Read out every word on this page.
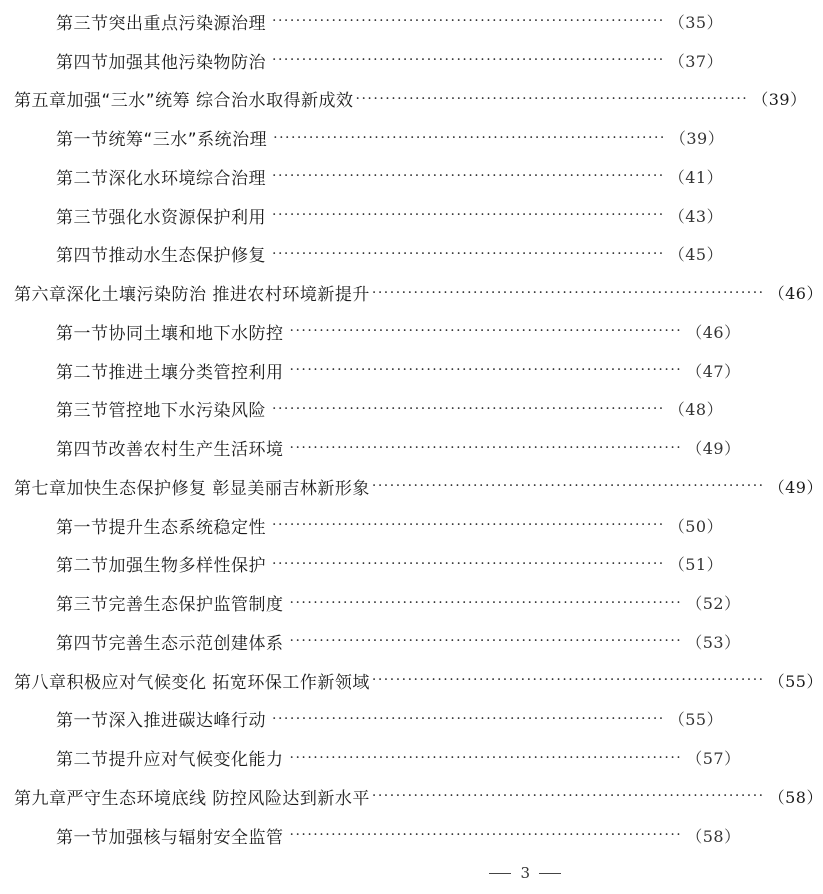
第三节 突出重点污染源治理 ·································································· （35）
第四节 加强其他污染物防治 ·································································· （37）
第五章 加强“三水”统筹 综合治水取得新成效 ·································································· （39）
第一节 统筹“三水”系统治理 ·································································· （39）
第二节 深化水环境综合治理 ·································································· （41）
第三节 强化水资源保护利用 ·································································· （43）
第四节 推动水生态保护修复 ·································································· （45）
第六章 深化土壤污染防治 推进农村环境新提升 ·································································· （46）
第一节 协同土壤和地下水防控 ·································································· （46）
第二节 推进土壤分类管控利用 ·································································· （47）
第三节 管控地下水污染风险 ·································································· （48）
第四节 改善农村生产生活环境 ·································································· （49）
第七章 加快生态保护修复 彰显美丽吉林新形象 ·································································· （49）
第一节 提升生态系统稳定性 ·································································· （50）
第二节 加强生物多样性保护 ·································································· （51）
第三节 完善生态保护监管制度 ·································································· （52）
第四节 完善生态示范创建体系 ·································································· （53）
第八章 积极应对气候变化 拓宽环保工作新领域 ·································································· （55）
第一节 深入推进碳达峰行动 ·································································· （55）
第二节 提升应对气候变化能力 ·································································· （57）
第九章 严守生态环境底线 防控风险达到新水平 ·································································· （58）
第一节 加强核与辐射安全监管 ·································································· （58）
3
